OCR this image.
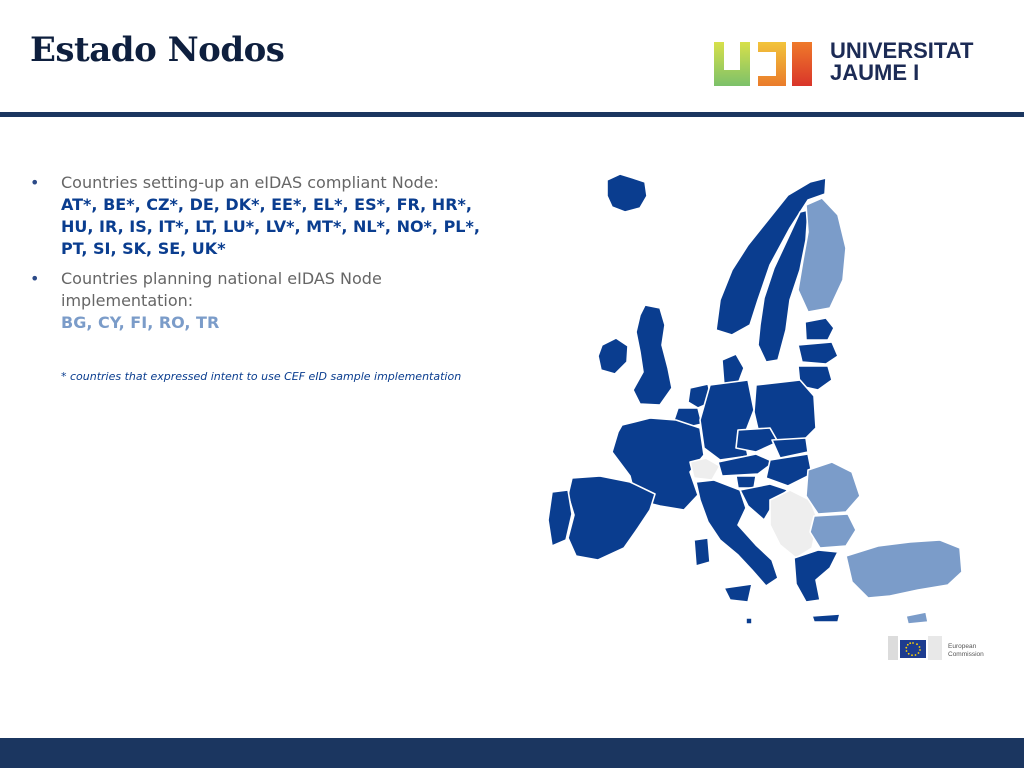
Estado Nodos	UNIVERSITAT
JAUME I
• Countries setting-up an eIDAS compliant Node:
AT*, BE*, CZ*, DE, DK*, EE*, EL*, ES*, FR, HR*,
HU, IR, IS, IT*, LT, LU*, LV*, MT*, NL*, NO*, PL*,
PT, SI, SK, SE, UK*
• Countries planning national eIDAS Node
implementation:
BG, CY, FI, RO, TR
* countries that expressed intent to use CEF eID sample implementation
European
Commission
